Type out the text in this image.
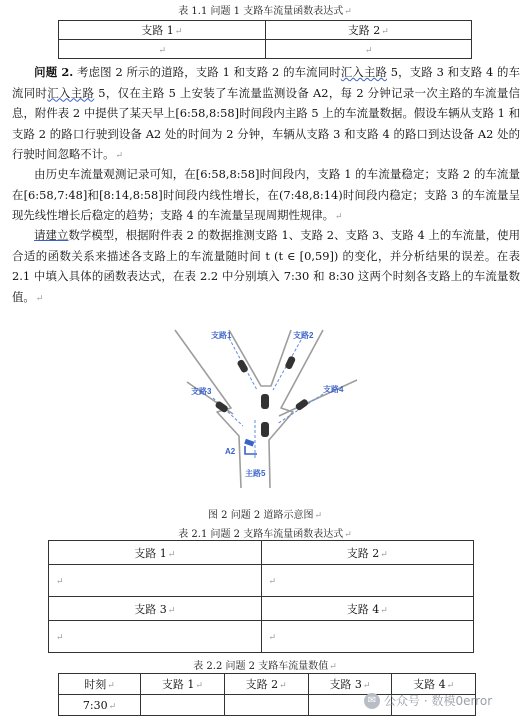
表 1.1 问题 1 支路车流量函数表达式↵
支路 1↵	支路 2↵
↵	↵

问题 2. 考虑图 2 所示的道路，支路 1 和支路 2 的车流同时汇入主路 5，支路 3 和支路 4 的车流同时汇入主路 5，仅在主路 5 上安装了车流量监测设备 A2，每 2 分钟记录一次主路的车流量信息，附件表 2 中提供了某天早上[6:58,8:58]时间段内主路 5 上的车流量数据。假设车辆从支路 1 和支路 2 的路口行驶到设备 A2 处的时间为 2 分钟，车辆从支路 3 和支路 4 的路口到达设备 A2 处的行驶时间忽略不计。↵

由历史车流量观测记录可知，在[6:58,8:58]时间段内，支路 1 的车流量稳定；支路 2 的车流量在[6:58,7:48]和[8:14,8:58]时间段内线性增长，在(7:48,8:14)时间段内稳定；支路 3 的车流量呈现先线性增长后稳定的趋势；支路 4 的车流量呈现周期性规律。↵

请建立数学模型，根据附件表 2 的数据推测支路 1、支路 2、支路 3、支路 4 上的车流量，使用合适的函数关系来描述各支路上的车流量随时间 t (t ∈ [0,59]) 的变化，并分析结果的误差。在表 2.1 中填入具体的函数表达式，在表 2.2 中分别填入 7:30 和 8:30 这两个时刻各支路上的车流量数值。↵

支路1	支路2
支路3	支路4
A2
主路5
图 2 问题 2 道路示意图↵
表 2.1 问题 2 支路车流量函数表达式↵
支路 1↵	支路 2↵
↵	↵
支路 3↵	支路 4↵
↵	↵
表 2.2 问题 2 支路车流量数值↵
时刻↵	支路 1↵	支路 2↵	支路 3↵	支路 4↵
7:30↵				
✉ 公众号 · 数模0error
